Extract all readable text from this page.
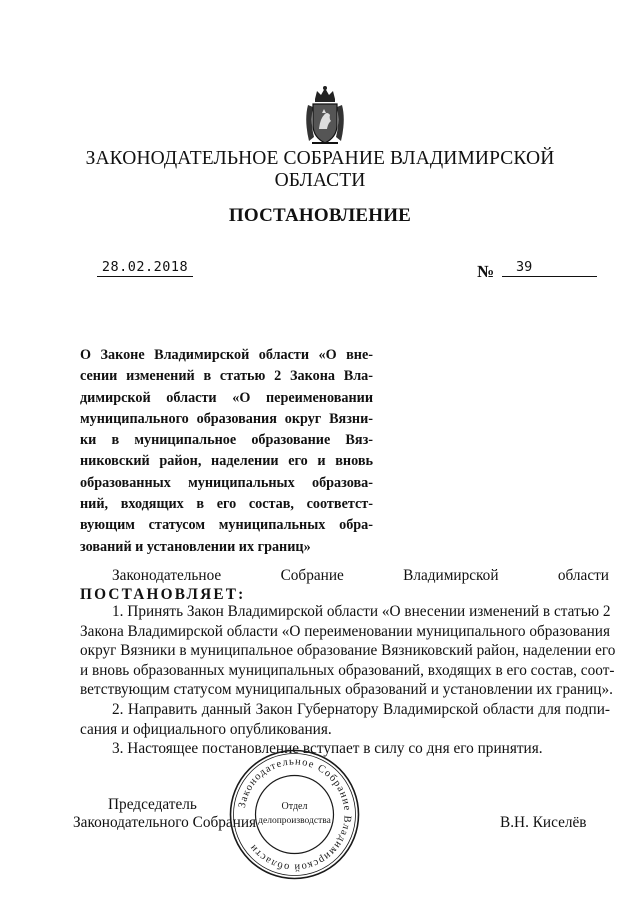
ЗАКОНОДАТЕЛЬНОЕ СОБРАНИЕ ВЛАДИМИРСКОЙ ОБЛАСТИ
ПОСТАНОВЛЕНИЕ
28.02.2018	№ 39
О Законе Владимирской области «О вне-
сении изменений в статью 2 Закона Вла-
димирской области «О переименовании
муниципального образования округ Вязни-
ки в муниципальное образование Вяз-
никовский район, наделении его и вновь
образованных муниципальных образова-
ний, входящих в его состав, соответст-
вующим статусом муниципальных обра-
зований и установлении их границ»
Законодательное	Собрание	Владимирской	области
ПОСТАНОВЛЯЕТ:
1. Принять Закон Владимирской области «О внесении изменений в статью 2
Закона Владимирской области «О переименовании муниципального образования
округ Вязники в муниципальное образование Вязниковский район, наделении его
и вновь образованных муниципальных образований, входящих в его состав, соот-
ветствующим статусом муниципальных образований и установлении их границ».
2. Направить данный Закон Губернатору Владимирской области для подпи-
сания и официального опубликования.
3. Настоящее постановление вступает в силу со дня его принятия.
Председатель
Законодательного Собрания	В.Н. Киселёв
Законодательное Собрание Владимирской области
Отдел
делопроизводства
